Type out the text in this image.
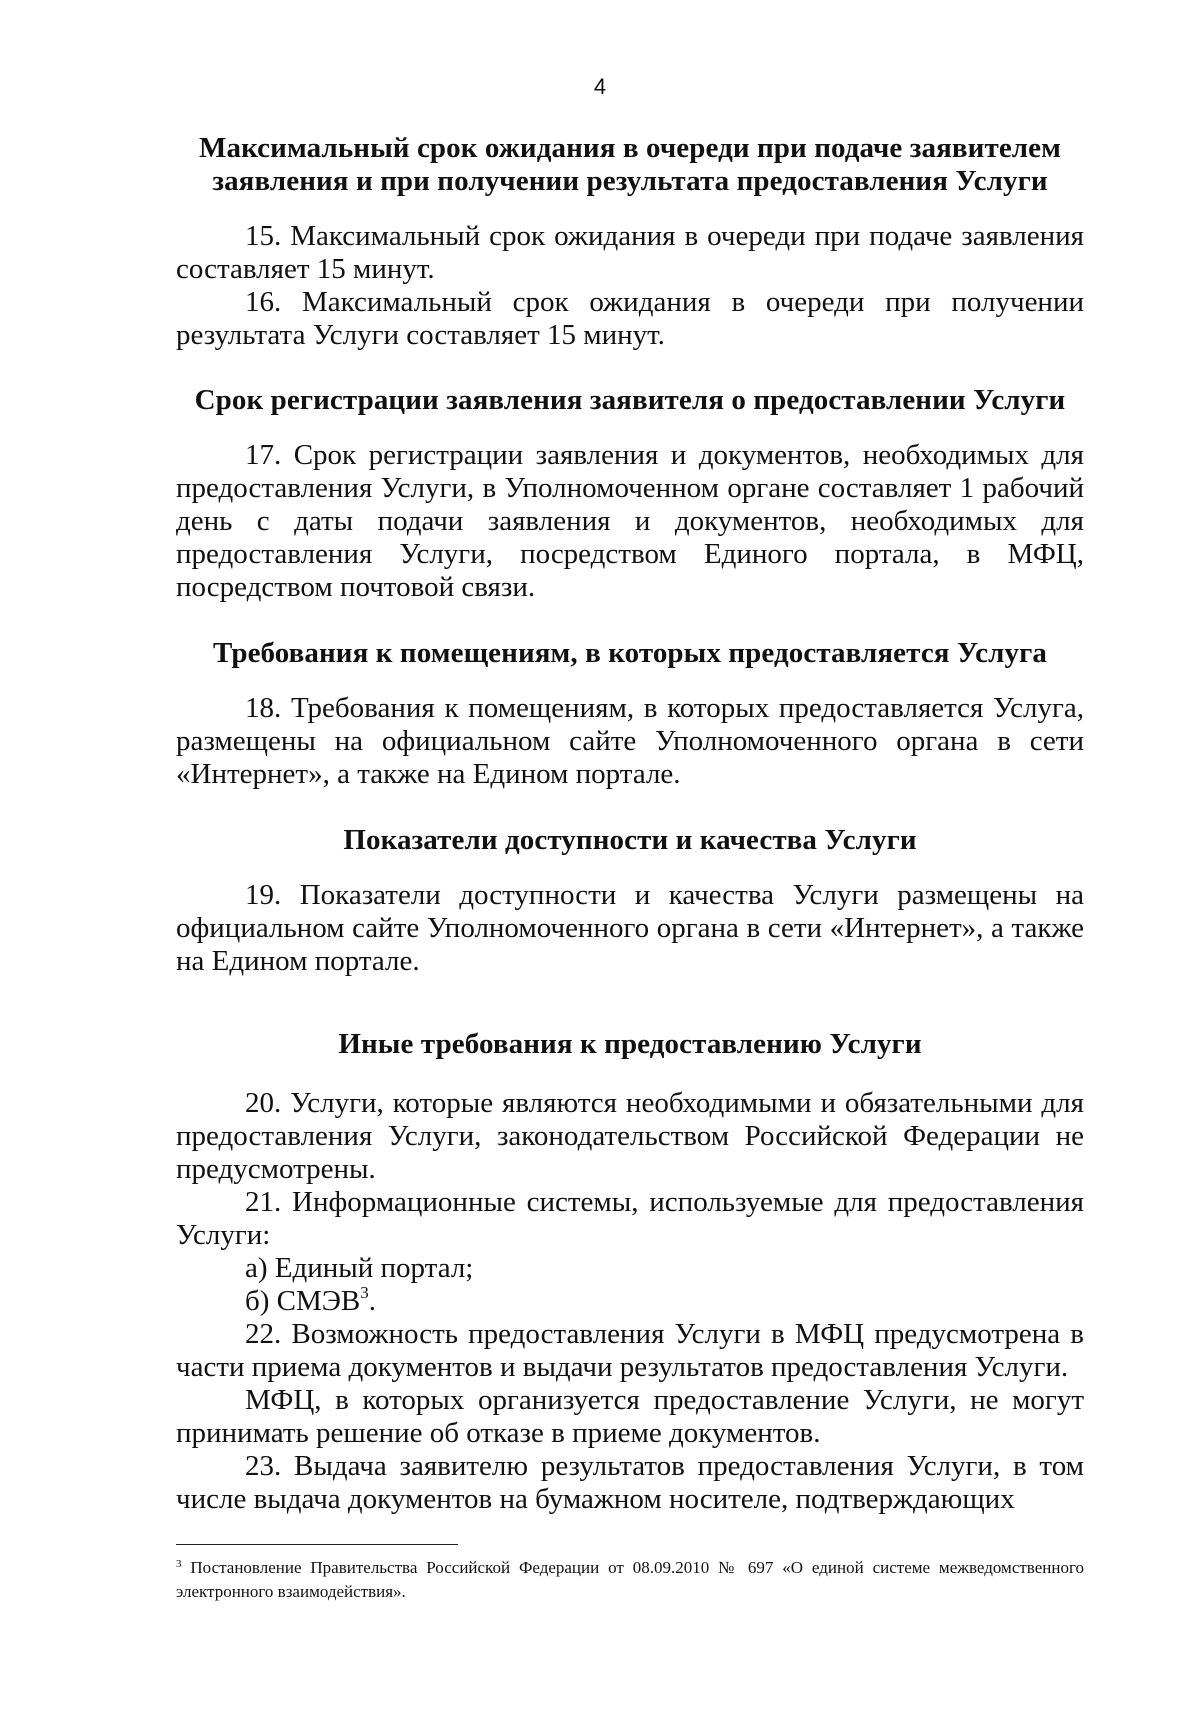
4
Максимальный срок ожидания в очереди при подаче заявителем
заявления и при получении результата предоставления Услуги

15. Максимальный срок ожидания в очереди при подаче заявления составляет 15 минут.

16. Максимальный срок ожидания в очереди при получении результата Услуги составляет 15 минут.

Срок регистрации заявления заявителя о предоставлении Услуги

17. Срок регистрации заявления и документов, необходимых для предоставления Услуги, в Уполномоченном органе составляет 1 рабочий день с даты подачи заявления и документов, необходимых для предоставления Услуги, посредством Единого портала, в МФЦ, посредством почтовой связи.

Требования к помещениям, в которых предоставляется Услуга

18. Требования к помещениям, в которых предоставляется Услуга, размещены на официальном сайте Уполномоченного органа в сети «Интернет», а также на Едином портале.

Показатели доступности и качества Услуги

19. Показатели доступности и качества Услуги размещены на официальном сайте Уполномоченного органа в сети «Интернет», а также на Едином портале.

Иные требования к предоставлению Услуги

20. Услуги, которые являются необходимыми и обязательными для предоставления Услуги, законодательством Российской Федерации не предусмотрены.

21. Информационные системы, используемые для предоставления Услуги:

а) Единый портал;

б) СМЭВ$^3$.

22. Возможность предоставления Услуги в МФЦ предусмотрена в части приема документов и выдачи результатов предоставления Услуги.

МФЦ, в которых организуется предоставление Услуги, не могут принимать решение об отказе в приеме документов.

23. Выдача заявителю результатов предоставления Услуги, в том числе выдача документов на бумажном носителе, подтверждающих

$^3$ Постановление Правительства Российской Федерации от 08.09.2010 № 697 «О единой системе межведомственного электронного взаимодействия».
